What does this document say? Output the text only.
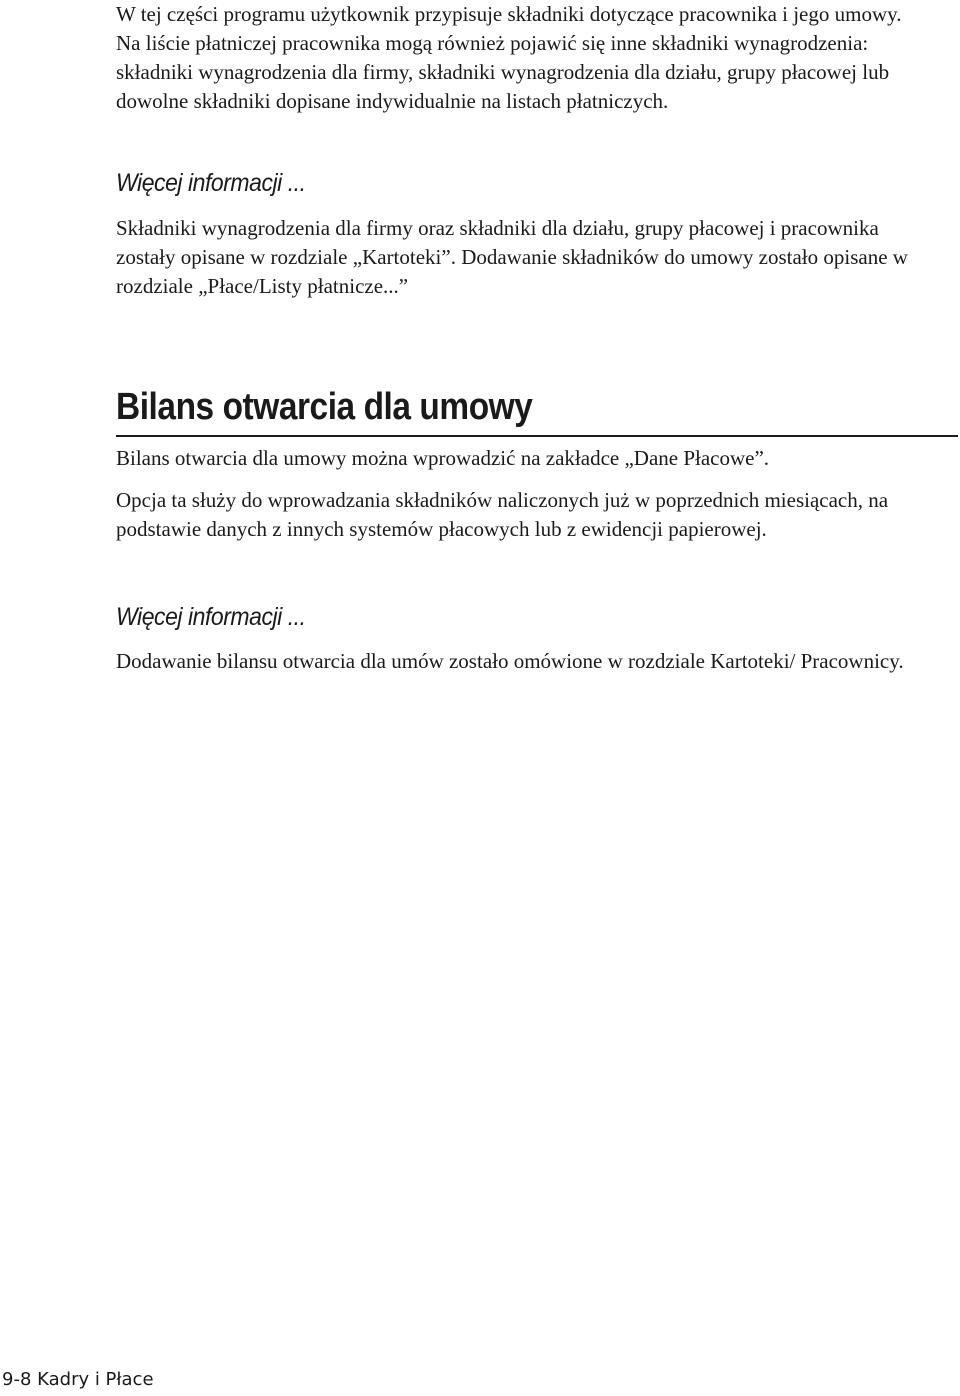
W tej części programu użytkownik przypisuje składniki dotyczące pracownika i jego umowy. Na liście płatniczej pracownika mogą również pojawić się inne składniki wynagrodzenia: składniki wynagrodzenia dla firmy, składniki wynagrodzenia dla działu, grupy płacowej lub dowolne składniki dopisane indywidualnie na listach płatniczych.

Więcej informacji ...

Składniki wynagrodzenia dla firmy oraz składniki dla działu, grupy płacowej i pracownika zostały opisane w rozdziale „Kartoteki”. Dodawanie składników do umowy zostało opisane w rozdziale „Płace/Listy płatnicze...”

Bilans otwarcia dla umowy

Bilans otwarcia dla umowy można wprowadzić na zakładce „Dane Płacowe”.

Opcja ta służy do wprowadzania składników naliczonych już w poprzednich miesiącach, na podstawie danych z innych systemów płacowych lub z ewidencji papierowej.

Więcej informacji ...

Dodawanie bilansu otwarcia dla umów zostało omówione w rozdziale Kartoteki/ Pracownicy.

9-8 Kadry i Płace
